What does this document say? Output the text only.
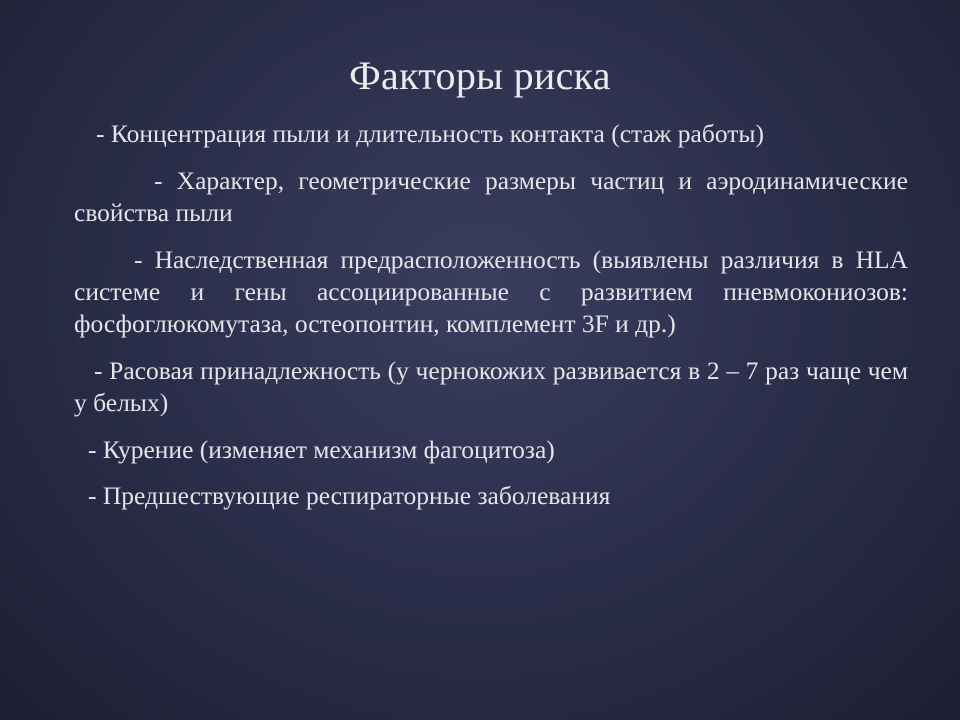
Факторы риска
- Концентрация пыли и длительность контакта (стаж работы)
- Характер, геометрические размеры частиц и аэродинамические свойства пыли
- Наследственная предрасположенность (выявлены различия в HLA системе и гены ассоциированные с развитием пневмокониозов: фосфоглюкомутаза, остеопонтин, комплемент 3F и др.)
- Расовая принадлежность (у чернокожих развивается в 2 – 7 раз чаще чем у белых)
- Курение (изменяет механизм фагоцитоза)
- Предшествующие респираторные заболевания
